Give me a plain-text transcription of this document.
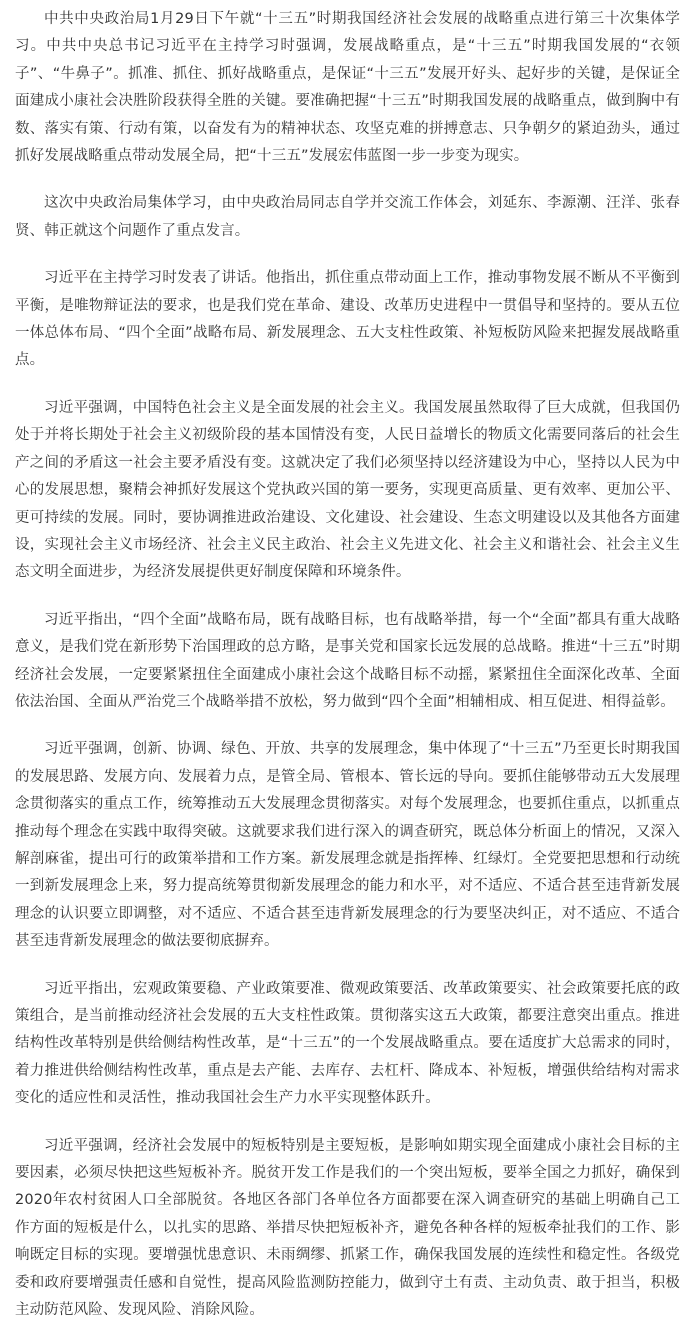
中共中央政治局1月29日下午就“十三五”时期我国经济社会发展的战略重点进行第三十次集体学习。中共中央总书记习近平在主持学习时强调，发展战略重点，是“十三五”时期我国发展的“衣领子”、“牛鼻子”。抓准、抓住、抓好战略重点，是保证“十三五”发展开好头、起好步的关键，是保证全面建成小康社会决胜阶段获得全胜的关键。要准确把握“十三五”时期我国发展的战略重点，做到胸中有数、落实有策、行动有策，以奋发有为的精神状态、攻坚克难的拼搏意志、只争朝夕的紧迫劲头，通过抓好发展战略重点带动发展全局，把“十三五”发展宏伟蓝图一步一步变为现实。

这次中央政治局集体学习，由中央政治局同志自学并交流工作体会，刘延东、李源潮、汪洋、张春贤、韩正就这个问题作了重点发言。

习近平在主持学习时发表了讲话。他指出，抓住重点带动面上工作，推动事物发展不断从不平衡到平衡，是唯物辩证法的要求，也是我们党在革命、建设、改革历史进程中一贯倡导和坚持的。要从五位一体总体布局、“四个全面”战略布局、新发展理念、五大支柱性政策、补短板防风险来把握发展战略重点。

习近平强调，中国特色社会主义是全面发展的社会主义。我国发展虽然取得了巨大成就，但我国仍处于并将长期处于社会主义初级阶段的基本国情没有变，人民日益增长的物质文化需要同落后的社会生产之间的矛盾这一社会主要矛盾没有变。这就决定了我们必须坚持以经济建设为中心，坚持以人民为中心的发展思想，聚精会神抓好发展这个党执政兴国的第一要务，实现更高质量、更有效率、更加公平、更可持续的发展。同时，要协调推进政治建设、文化建设、社会建设、生态文明建设以及其他各方面建设，实现社会主义市场经济、社会主义民主政治、社会主义先进文化、社会主义和谐社会、社会主义生态文明全面进步，为经济发展提供更好制度保障和环境条件。

习近平指出，“四个全面”战略布局，既有战略目标，也有战略举措，每一个“全面”都具有重大战略意义，是我们党在新形势下治国理政的总方略，是事关党和国家长远发展的总战略。推进“十三五”时期经济社会发展，一定要紧紧扭住全面建成小康社会这个战略目标不动摇，紧紧扭住全面深化改革、全面依法治国、全面从严治党三个战略举措不放松，努力做到“四个全面”相辅相成、相互促进、相得益彰。

习近平强调，创新、协调、绿色、开放、共享的发展理念，集中体现了“十三五”乃至更长时期我国的发展思路、发展方向、发展着力点，是管全局、管根本、管长远的导向。要抓住能够带动五大发展理念贯彻落实的重点工作，统筹推动五大发展理念贯彻落实。对每个发展理念，也要抓住重点，以抓重点推动每个理念在实践中取得突破。这就要求我们进行深入的调查研究，既总体分析面上的情况，又深入解剖麻雀，提出可行的政策举措和工作方案。新发展理念就是指挥棒、红绿灯。全党要把思想和行动统一到新发展理念上来，努力提高统筹贯彻新发展理念的能力和水平，对不适应、不适合甚至违背新发展理念的认识要立即调整，对不适应、不适合甚至违背新发展理念的行为要坚决纠正，对不适应、不适合甚至违背新发展理念的做法要彻底摒弃。

习近平指出，宏观政策要稳、产业政策要准、微观政策要活、改革政策要实、社会政策要托底的政策组合，是当前推动经济社会发展的五大支柱性政策。贯彻落实这五大政策，都要注意突出重点。推进结构性改革特别是供给侧结构性改革，是“十三五”的一个发展战略重点。要在适度扩大总需求的同时，着力推进供给侧结构性改革，重点是去产能、去库存、去杠杆、降成本、补短板，增强供给结构对需求变化的适应性和灵活性，推动我国社会生产力水平实现整体跃升。

习近平强调，经济社会发展中的短板特别是主要短板，是影响如期实现全面建成小康社会目标的主要因素，必须尽快把这些短板补齐。脱贫开发工作是我们的一个突出短板，要举全国之力抓好，确保到2020年农村贫困人口全部脱贫。各地区各部门各单位各方面都要在深入调查研究的基础上明确自己工作方面的短板是什么，以扎实的思路、举措尽快把短板补齐，避免各种各样的短板牵扯我们的工作、影响既定目标的实现。要增强忧患意识、未雨绸缪、抓紧工作，确保我国发展的连续性和稳定性。各级党委和政府要增强责任感和自觉性，提高风险监测防控能力，做到守土有责、主动负责、敢于担当，积极主动防范风险、发现风险、消除风险。
